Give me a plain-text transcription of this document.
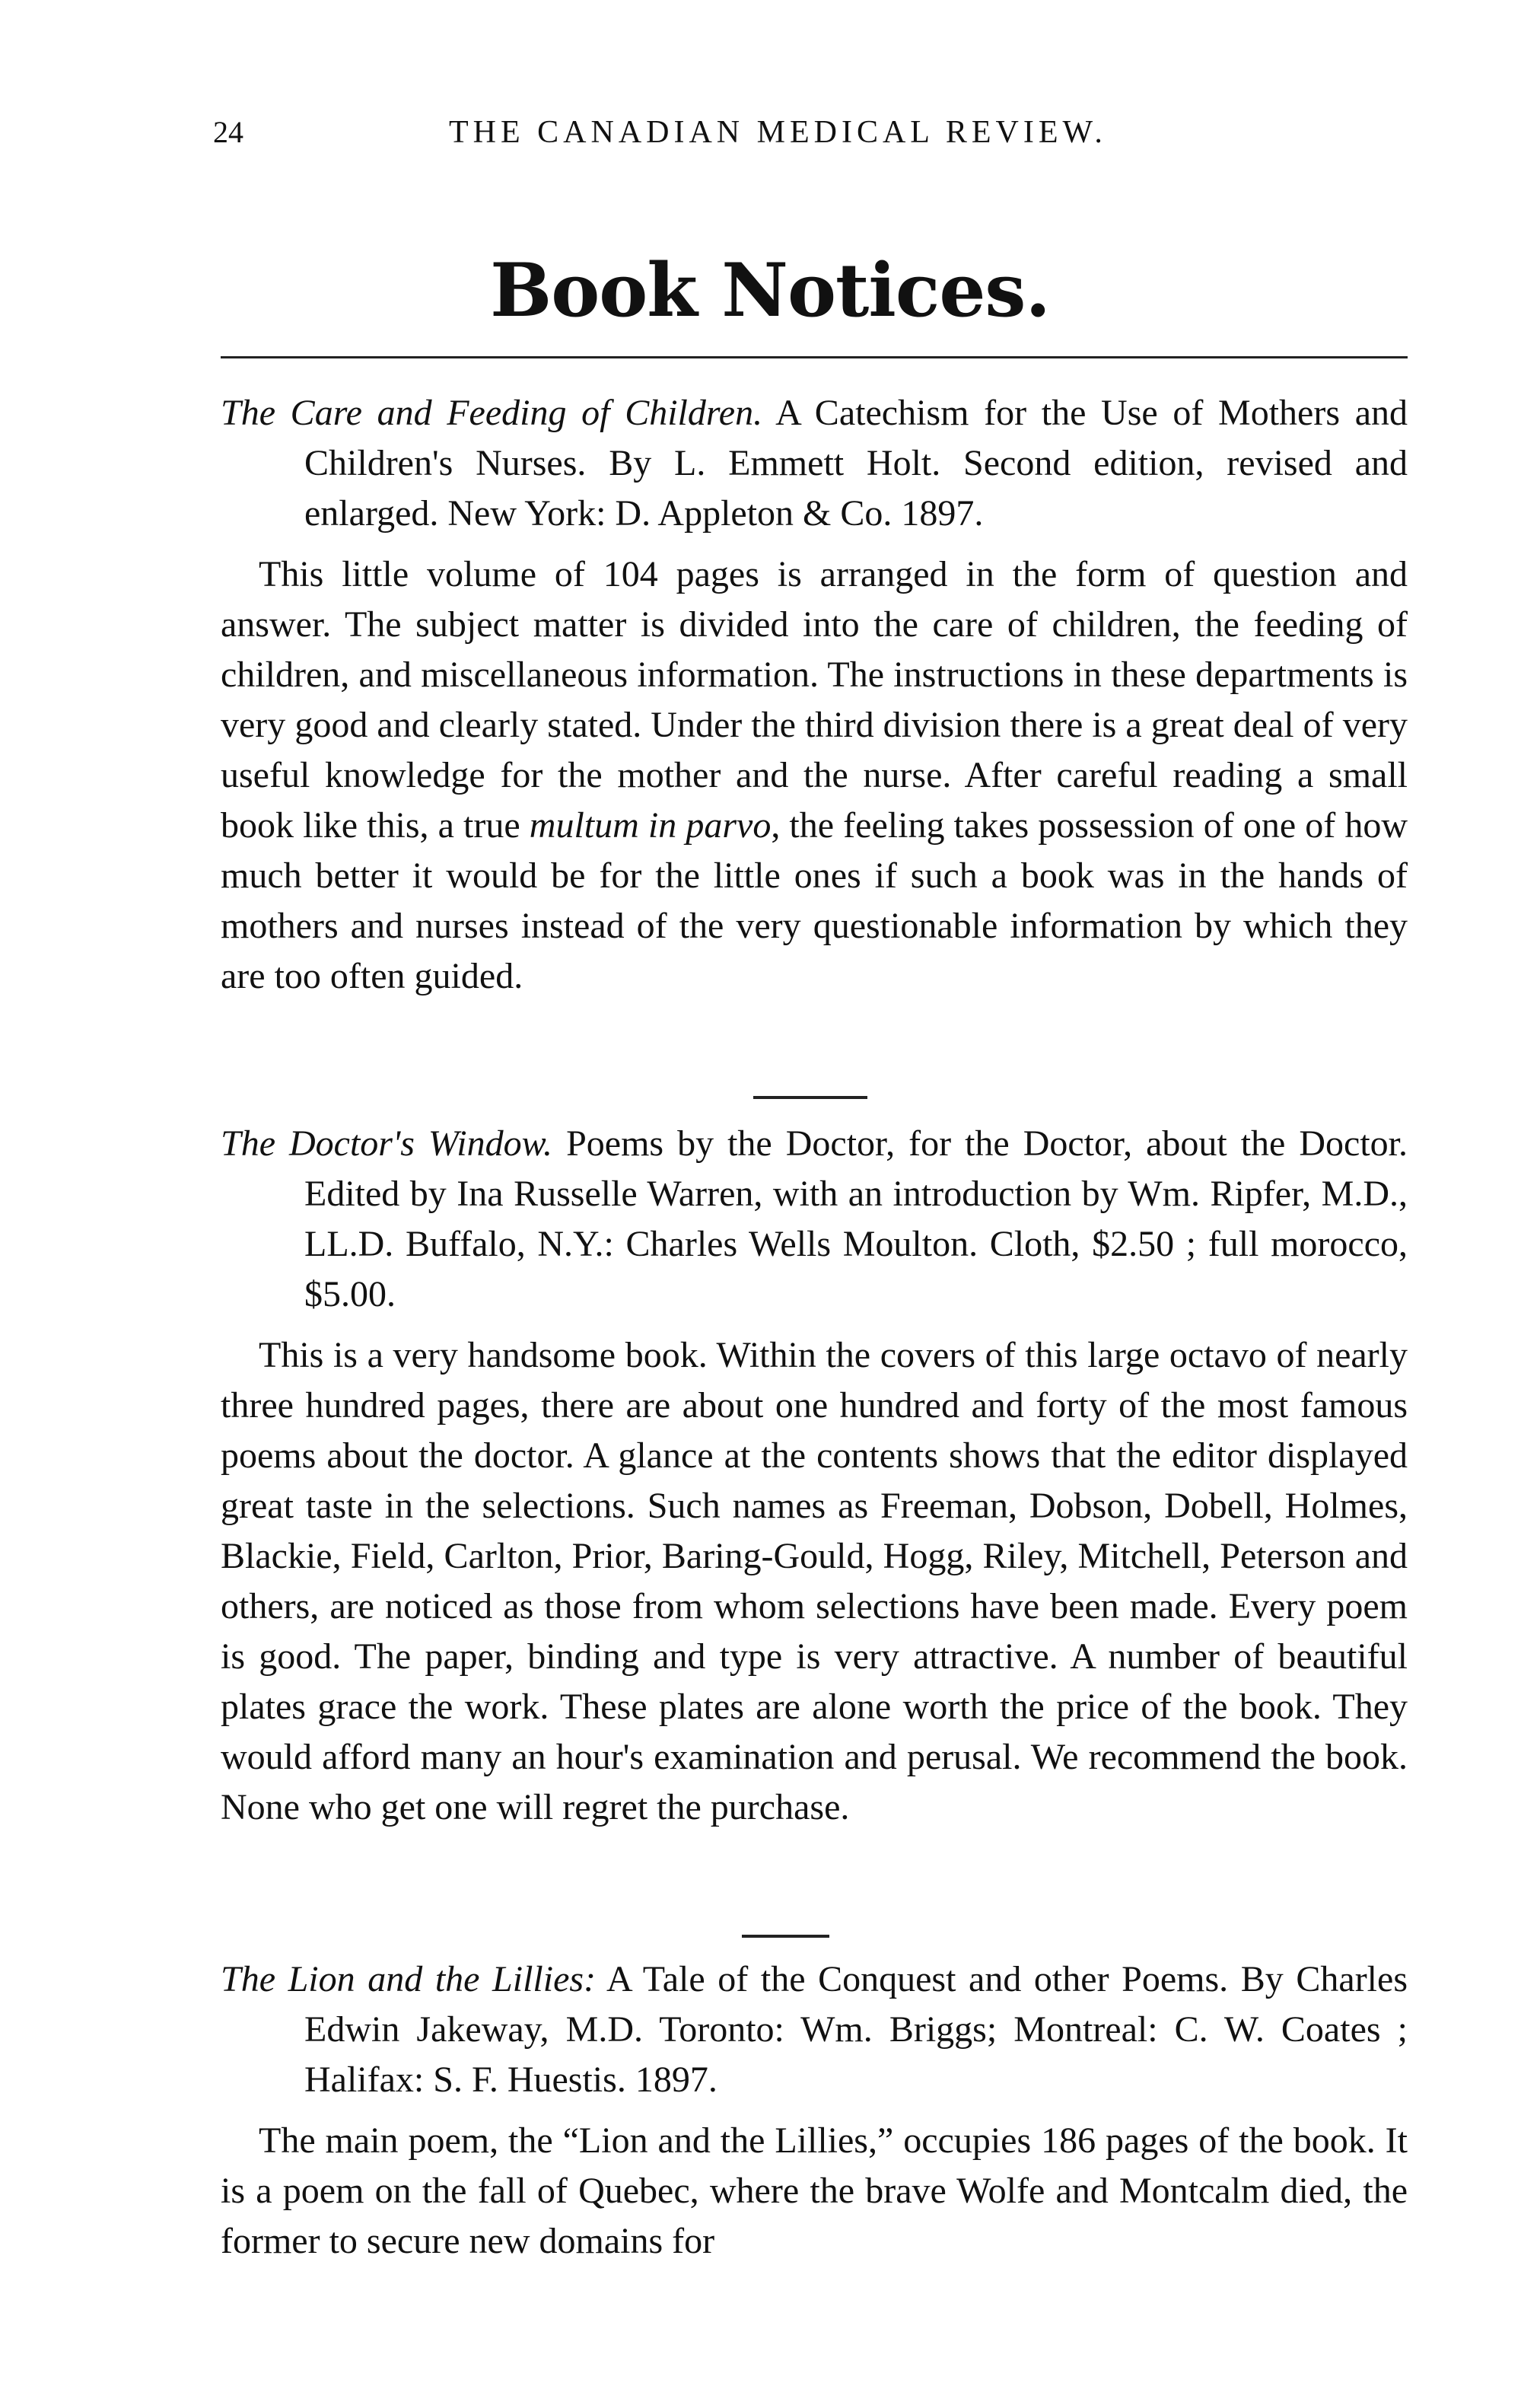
24	THE CANADIAN MEDICAL REVIEW.
Book Notices.

The Care and Feeding of Children. A Catechism for the Use of Mothers and Children's Nurses. By L. Emmett Holt. Second edition, revised and enlarged. New York: D. Appleton & Co. 1897.

This little volume of 104 pages is arranged in the form of question and answer. The subject matter is divided into the care of children, the feeding of children, and miscellaneous information. The instructions in these departments is very good and clearly stated. Under the third division there is a great deal of very useful knowledge for the mother and the nurse. After careful reading a small book like this, a true multum in parvo, the feeling takes possession of one of how much better it would be for the little ones if such a book was in the hands of mothers and nurses instead of the very questionable information by which they are too often guided.

The Doctor's Window. Poems by the Doctor, for the Doctor, about the Doctor. Edited by Ina Russelle Warren, with an introduction by Wm. Ripfer, M.D., LL.D. Buffalo, N.Y.: Charles Wells Moulton. Cloth, $2.50 ; full morocco, $5.00.

This is a very handsome book. Within the covers of this large octavo of nearly three hundred pages, there are about one hundred and forty of the most famous poems about the doctor. A glance at the contents shows that the editor displayed great taste in the selections. Such names as Freeman, Dobson, Dobell, Holmes, Blackie, Field, Carlton, Prior, Baring-Gould, Hogg, Riley, Mitchell, Peterson and others, are noticed as those from whom selections have been made. Every poem is good. The paper, binding and type is very attractive. A number of beautiful plates grace the work. These plates are alone worth the price of the book. They would afford many an hour's examination and perusal. We recommend the book. None who get one will regret the purchase.

The Lion and the Lillies: A Tale of the Conquest and other Poems. By Charles Edwin Jakeway, M.D. Toronto: Wm. Briggs; Montreal: C. W. Coates ; Halifax: S. F. Huestis. 1897.

The main poem, the “Lion and the Lillies,” occupies 186 pages of the book. It is a poem on the fall of Quebec, where the brave Wolfe and Montcalm died, the former to secure new domains for
